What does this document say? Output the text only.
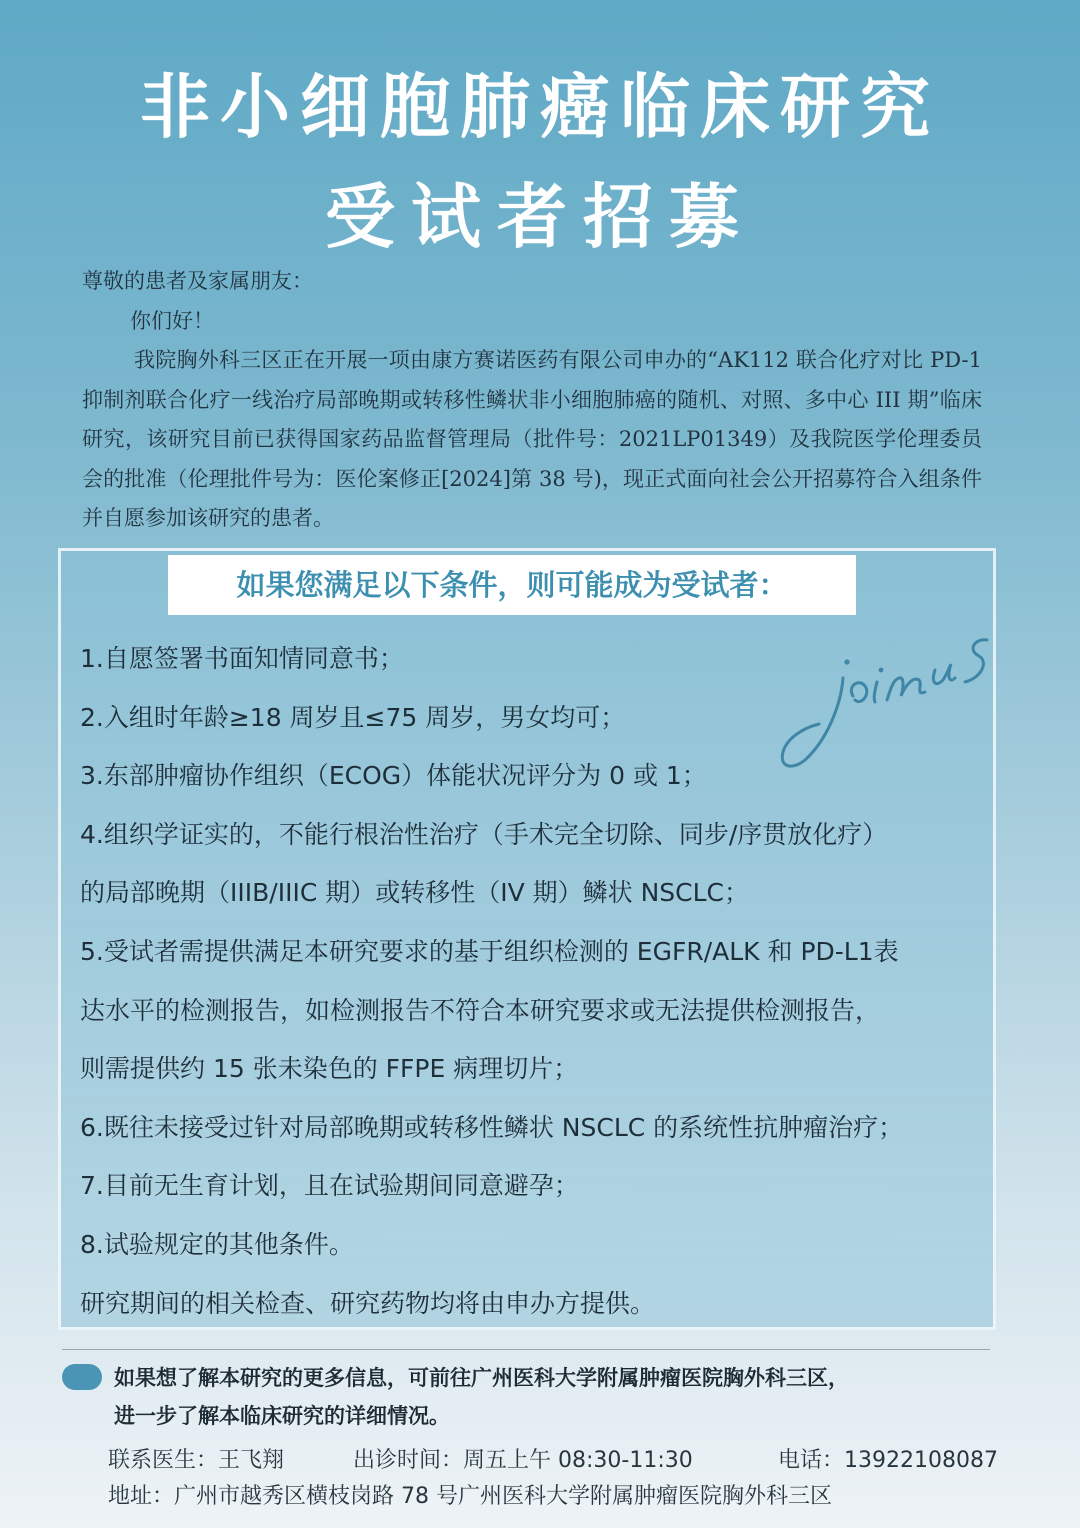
非小细胞肺癌临床研究
受试者招募

尊敬的患者及家属朋友：

你们好！

我院胸外科三区正在开展一项由康方赛诺医药有限公司申办的“AK112 联合化疗对比 PD-1 抑制剂联合化疗一线治疗局部晚期或转移性鳞状非小细胞肺癌的随机、对照、多中心 III 期”临床研究，该研究目前已获得国家药品监督管理局（批件号：2021LP01349）及我院医学伦理委员会的批准（伦理批件号为：医伦案修正[2024]第 38 号)，现正式面向社会公开招募符合入组条件并自愿参加该研究的患者。

如果您满足以下条件，则可能成为受试者：
1.自愿签署书面知情同意书；
2.入组时年龄≥18 周岁且≤75 周岁，男女均可；
3.东部肿瘤协作组织（ECOG）体能状况评分为 0 或 1；
4.组织学证实的，不能行根治性治疗（手术完全切除、同步/序贯放化疗）
的局部晚期（IIIB/IIIC 期）或转移性（IV 期）鳞状 NSCLC；
5.受试者需提供满足本研究要求的基于组织检测的 EGFR/ALK 和 PD-L1表
达水平的检测报告，如检测报告不符合本研究要求或无法提供检测报告，
则需提供约 15 张未染色的 FFPE 病理切片；
6.既往未接受过针对局部晚期或转移性鳞状 NSCLC 的系统性抗肿瘤治疗；
7.目前无生育计划，且在试验期间同意避孕；
8.试验规定的其他条件。
研究期间的相关检查、研究药物均将由申办方提供。
如果想了解本研究的更多信息，可前往广州医科大学附属肿瘤医院胸外科三区，
进一步了解本临床研究的详细情况。
联系医生：王飞翔	出诊时间：周五上午 08:30-11:30	电话：13922108087
地址：广州市越秀区横枝岗路 78 号广州医科大学附属肿瘤医院胸外科三区
